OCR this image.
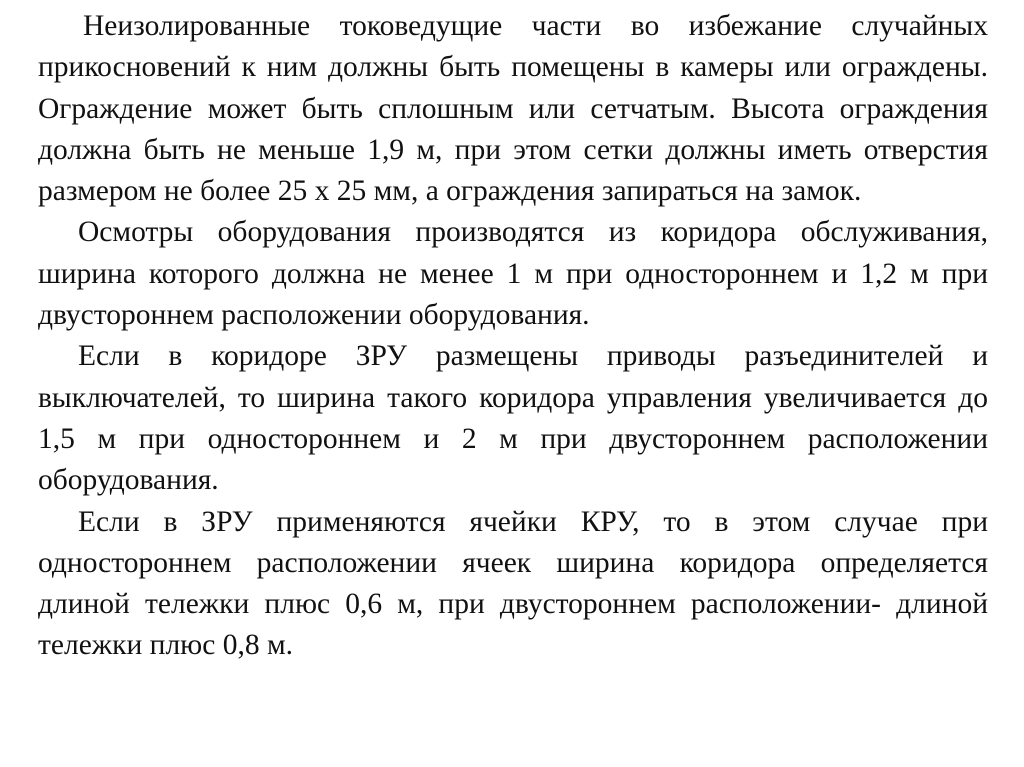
Неизолированные токоведущие части во избежание случайных прикосновений к ним должны быть помещены в камеры или ограждены. Ограждение может быть сплошным или сетчатым. Высота ограждения должна быть не меньше 1,9 м, при этом сетки должны иметь отверстия размером не более 25 х 25 мм, а ограждения запираться на замок.

Осмотры оборудования производятся из коридора обслуживания, ширина которого должна не менее 1 м при одностороннем и 1,2 м при двустороннем расположении оборудования.

Если в коридоре ЗРУ размещены приводы разъединителей и выключателей, то ширина такого коридора управления увеличивается до 1,5 м при одностороннем и 2 м при двустороннем расположении оборудования.

Если в ЗРУ применяются ячейки КРУ, то в этом случае при одностороннем расположении ячеек ширина коридора определяется длиной тележки плюс 0,6 м, при двустороннем расположении- длиной тележки плюс 0,8 м.
